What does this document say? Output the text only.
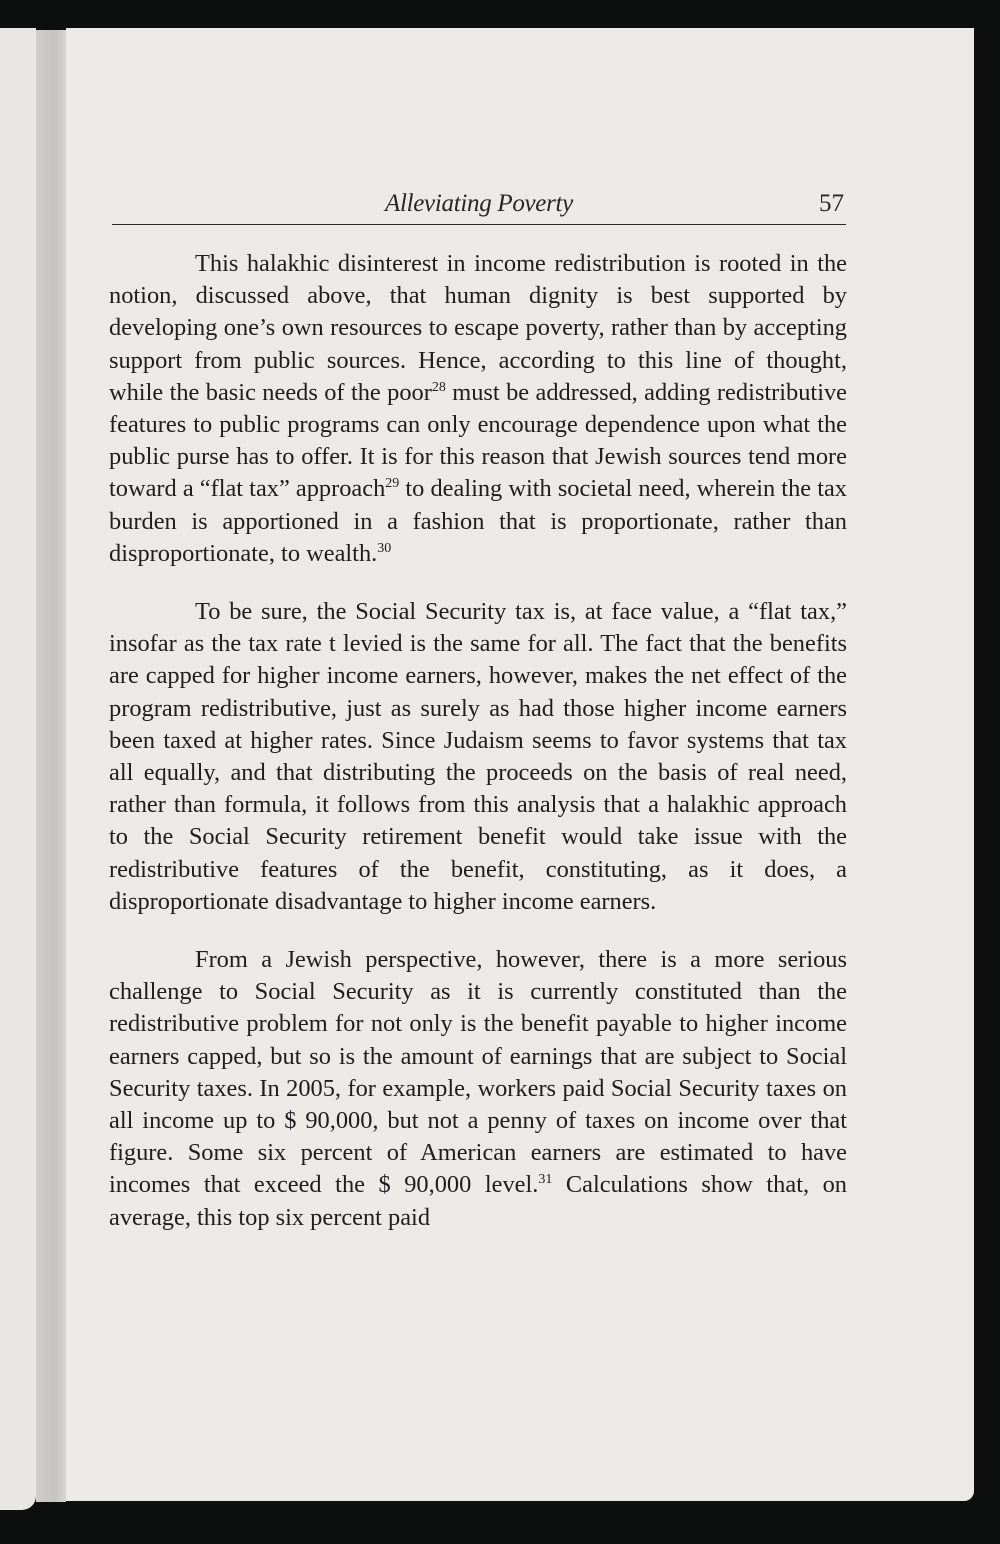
Alleviating Poverty	57

This halakhic disinterest in income redistribution is rooted in the notion, discussed above, that human dignity is best supported by developing one’s own resources to escape poverty, rather than by accepting support from public sources. Hence, according to this line of thought, while the basic needs of the poor$^{28}$ must be addressed, adding redistributive features to public programs can only encourage dependence upon what the public purse has to offer. It is for this reason that Jewish sources tend more toward a “flat tax” approach$^{29}$ to dealing with societal need, wherein the tax burden is apportioned in a fashion that is proportionate, rather than disproportionate, to wealth.$^{30}$

To be sure, the Social Security tax is, at face value, a “flat tax,” insofar as the tax rate t levied is the same for all. The fact that the benefits are capped for higher income earners, however, makes the net effect of the program redistributive, just as surely as had those higher income earners been taxed at higher rates. Since Judaism seems to favor systems that tax all equally, and that distributing the proceeds on the basis of real need, rather than formula, it follows from this analysis that a halakhic approach to the Social Security retirement benefit would take issue with the redistributive features of the benefit, constituting, as it does, a disproportionate disadvantage to higher income earners.

From a Jewish perspective, however, there is a more serious challenge to Social Security as it is currently constituted than the redistributive problem for not only is the benefit payable to higher income earners capped, but so is the amount of earnings that are subject to Social Security taxes. In 2005, for example, workers paid Social Security taxes on all income up to $ 90,000, but not a penny of taxes on income over that figure. Some six percent of American earners are estimated to have incomes that exceed the $ 90,000 level.$^{31}$ Calculations show that, on average, this top six percent paid
